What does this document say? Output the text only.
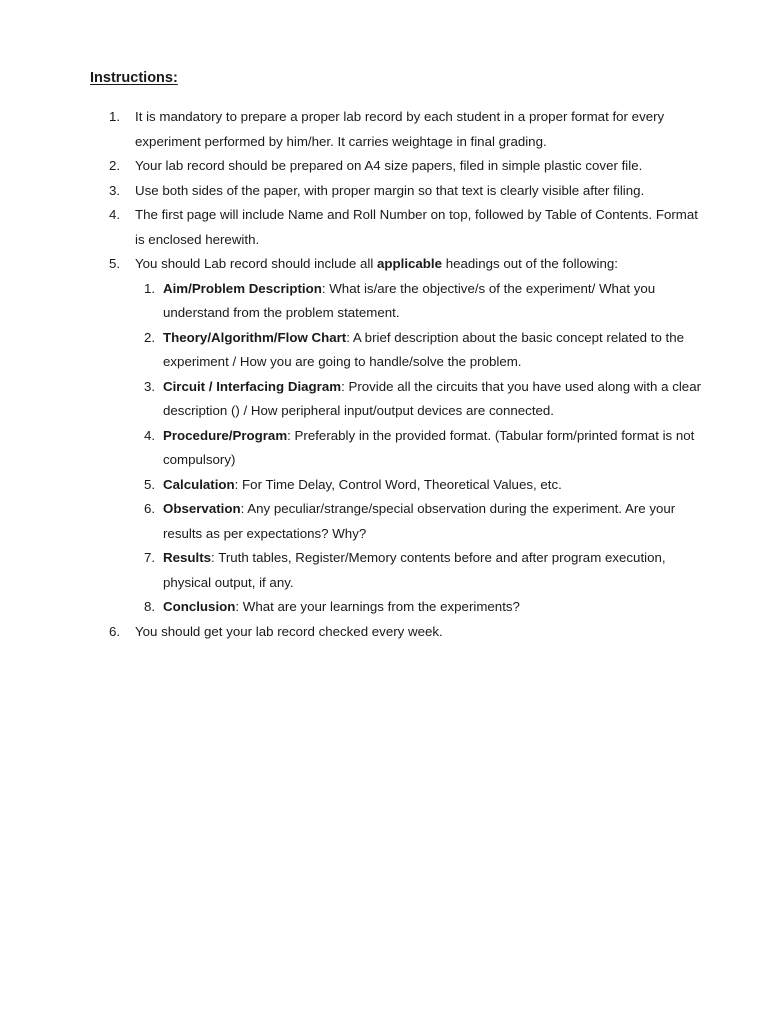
Instructions:
1. It is mandatory to prepare a proper lab record by each student in a proper format for every experiment performed by him/her. It carries weightage in final grading.
2. Your lab record should be prepared on A4 size papers, filed in simple plastic cover file.
3. Use both sides of the paper, with proper margin so that text is clearly visible after filing.
4. The first page will include Name and Roll Number on top, followed by Table of Contents. Format is enclosed herewith.
5. You should Lab record should include all applicable headings out of the following:
1. Aim/Problem Description: What is/are the objective/s of the experiment/ What you understand from the problem statement.
2. Theory/Algorithm/Flow Chart: A brief description about the basic concept related to the experiment / How you are going to handle/solve the problem.
3. Circuit / Interfacing Diagram: Provide all the circuits that you have used along with a clear description () / How peripheral input/output devices are connected.
4. Procedure/Program: Preferably in the provided format. (Tabular form/printed format is not compulsory)
5. Calculation: For Time Delay, Control Word, Theoretical Values, etc.
6. Observation: Any peculiar/strange/special observation during the experiment. Are your results as per expectations? Why?
7. Results: Truth tables, Register/Memory contents before and after program execution, physical output, if any.
8. Conclusion: What are your learnings from the experiments?
6. You should get your lab record checked every week.
